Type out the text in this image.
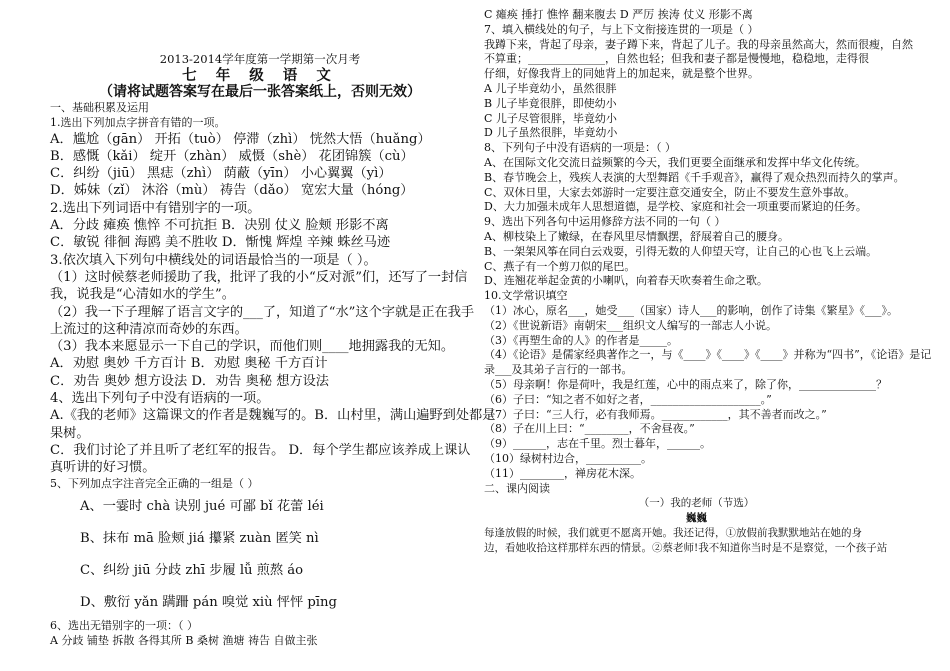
2013-2014学年度第一学期第一次月考
七 年 级 语 文
（请将试题答案写在最后一张答案纸上，否则无效）
一、基础积累及运用
1.选出下列加点字拼音有错的一项。
A．尴尬（gān） 开拓（tuò） 停滞（zhì） 恍然大悟（huǎng）
B．感慨（kǎi） 绽开（zhàn） 威慑（shè） 花团锦簇（cù）
C．纠纷（jiū） 黑痣（zhì） 荫蔽（yīn） 小心翼翼（yì）
D．姊妹（zǐ） 沐浴（mù） 祷告（dǎo） 宽宏大量（hóng）
2.选出下列词语中有错别字的一项。
A．分歧 瘫痪 憔悴 不可抗拒 B．决别 仗义 脸颊 形影不离
C．敏锐 徘徊 海鸥 美不胜收 D．惭愧 辉煌 辛辣 蛛丝马迹
3.依次填入下列句中横线处的词语最恰当的一项是（ ）。
（1）这时候蔡老师援助了我，批评了我的小“反对派”们，还写了一封信
我，说我是“心清如水的学生”。
（2）我一下子理解了语言文字的___了，知道了“水”这个字就是正在我手
上流过的这种清凉而奇妙的东西。
（3）我本来愿显示一下自己的学识，而他们则____地拥露我的无知。
A．劝慰 奥妙 千方百计 B．劝慰 奥秘 千方百计
C．劝告 奥妙 想方设法 D．劝告 奥秘 想方设法
4、选出下列句子中没有语病的一项。
A.《我的老师》这篇课文的作者是魏巍写的。B．山村里，满山遍野到处都是
果树。
C．我们讨论了并且听了老红军的报告。 D．每个学生都应该养成上课认
真听讲的好习惯。
5、下列加点字注音完全正确的一组是（ ）
A、一霎时 chà 诀别 jué 可鄙 bǐ 花蕾 léi
B、抹布 mā 脸颊 jiá 攥紧 zuàn 匿笑 nì
C、纠纷 jiū 分歧 zhī 步履 lǚ 煎熬 áo
D、敷衍 yǎn 蹒跚 pán 嗅觉 xiù 怦怦 pīng
6、选出无错别字的一项：（ ）
A 分歧 铺垫 拆散 各得其所 B 桑树 渔塘 祷告 自做主张
C 瘫痪 捶打 憔悴 翻来腹去 D 严厉 挨涛 仗义 形影不离
7、填入横线处的句子，与上下文衔接连贯的一项是（ ）
我蹲下来，背起了母亲，妻子蹲下来，背起了儿子。我的母亲虽然高大，然而很瘦，自然
不算重；______________，自然也轻；但我和妻子都是慢慢地，稳稳地，走得很
仔细，好像我背上的同她背上的加起来，就是整个世界。
A 儿子毕竟幼小，虽然很胖
B 儿子毕竟很胖，即使幼小
C 儿子尽管很胖，毕竟幼小
D 儿子虽然很胖，毕竟幼小
8、下列句子中没有语病的一项是：（ ）
A、在国际文化交流日益频繁的今天，我们更要全面继承和发挥中华文化传统。
B、春节晚会上，残疾人表演的大型舞蹈《千手观音》，赢得了观众热烈而持久的掌声。
C、双休日里，大家去郊游时一定要注意交通安全，防止不要发生意外事故。
D、大力加强未成年人思想道德，是学校、家庭和社会一项重要而紧迫的任务。
9、选出下列各句中运用修辞方法不同的一句（ ）
A、柳枝染上了嫩绿，在春风里尽情飘摆，舒展着自己的腰身。
B、一架架风筝在同白云戏耍，引得无数的人仰望天穹，让自己的心也飞上云端。
C、燕子有一个剪刀似的尾巴。
D、连翘花举起金黄的小喇叭，向着春天吹奏着生命之歌。
10.文学常识填空
（1）冰心，原名___，她受___（国家）诗人___的影响，创作了诗集《繁星》《___》。
（2）《世说新语》南朝宋___组织文人编写的一部志人小说。
（3）《再塑生命的人》的作者是_____。
（4）《论语》是儒家经典著作之一，与《____》《____》《____》并称为“四书”，《论语》是记
录___及其弟子言行的一部书。
（5）母亲啊！你是荷叶，我是红莲，心中的雨点来了，除了你，______________？
（6）子曰：“知之者不如好之者，____________________。”
（7）子曰：“三人行，必有我师焉。____________，其不善者而改之。”
（8）子在川上曰：“________，不舍昼夜。”
（9）______，志在千里。烈士暮年，______。
（10）绿树村边合，__________。
（11）________，禅房花木深。
二、课内阅读
（一）我的老师（节选）
巍巍
每逢放假的时候，我们就更不愿离开她。我还记得，①放假前我默默地站在她的身
边，看她收拾这样那样东西的情景。②蔡老师!我不知道你当时是不是察觉，一个孩子站
